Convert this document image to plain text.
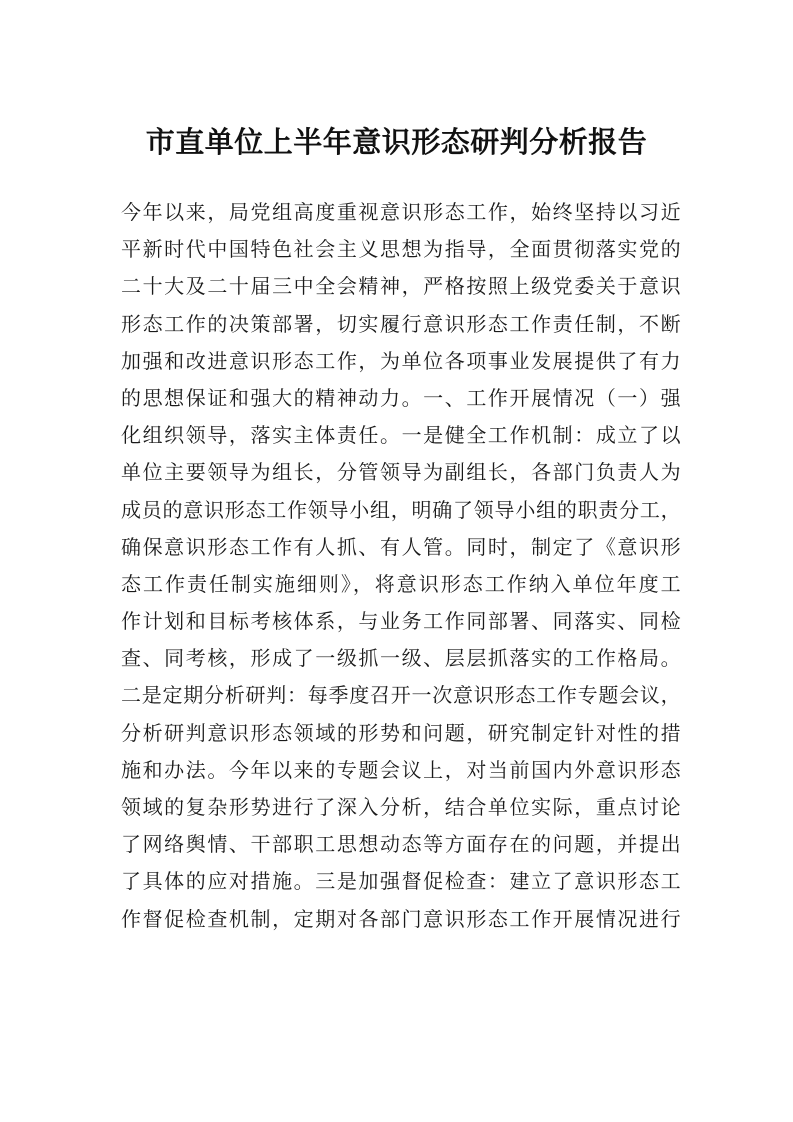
市直单位上半年意识形态研判分析报告
今年以来，局党组高度重视意识形态工作，始终坚持以习近
平新时代中国特色社会主义思想为指导，全面贯彻落实党的
二十大及二十届三中全会精神，严格按照上级党委关于意识
形态工作的决策部署，切实履行意识形态工作责任制，不断
加强和改进意识形态工作，为单位各项事业发展提供了有力
的思想保证和强大的精神动力。一、工作开展情况（一）强
化组织领导，落实主体责任。一是健全工作机制：成立了以
单位主要领导为组长，分管领导为副组长，各部门负责人为
成员的意识形态工作领导小组，明确了领导小组的职责分工，
确保意识形态工作有人抓、有人管。同时，制定了《意识形
态工作责任制实施细则》，将意识形态工作纳入单位年度工
作计划和目标考核体系，与业务工作同部署、同落实、同检
查、同考核，形成了一级抓一级、层层抓落实的工作格局。
二是定期分析研判：每季度召开一次意识形态工作专题会议，
分析研判意识形态领域的形势和问题，研究制定针对性的措
施和办法。今年以来的专题会议上，对当前国内外意识形态
领域的复杂形势进行了深入分析，结合单位实际，重点讨论
了网络舆情、干部职工思想动态等方面存在的问题，并提出
了具体的应对措施。三是加强督促检查：建立了意识形态工
作督促检查机制，定期对各部门意识形态工作开展情况进行
